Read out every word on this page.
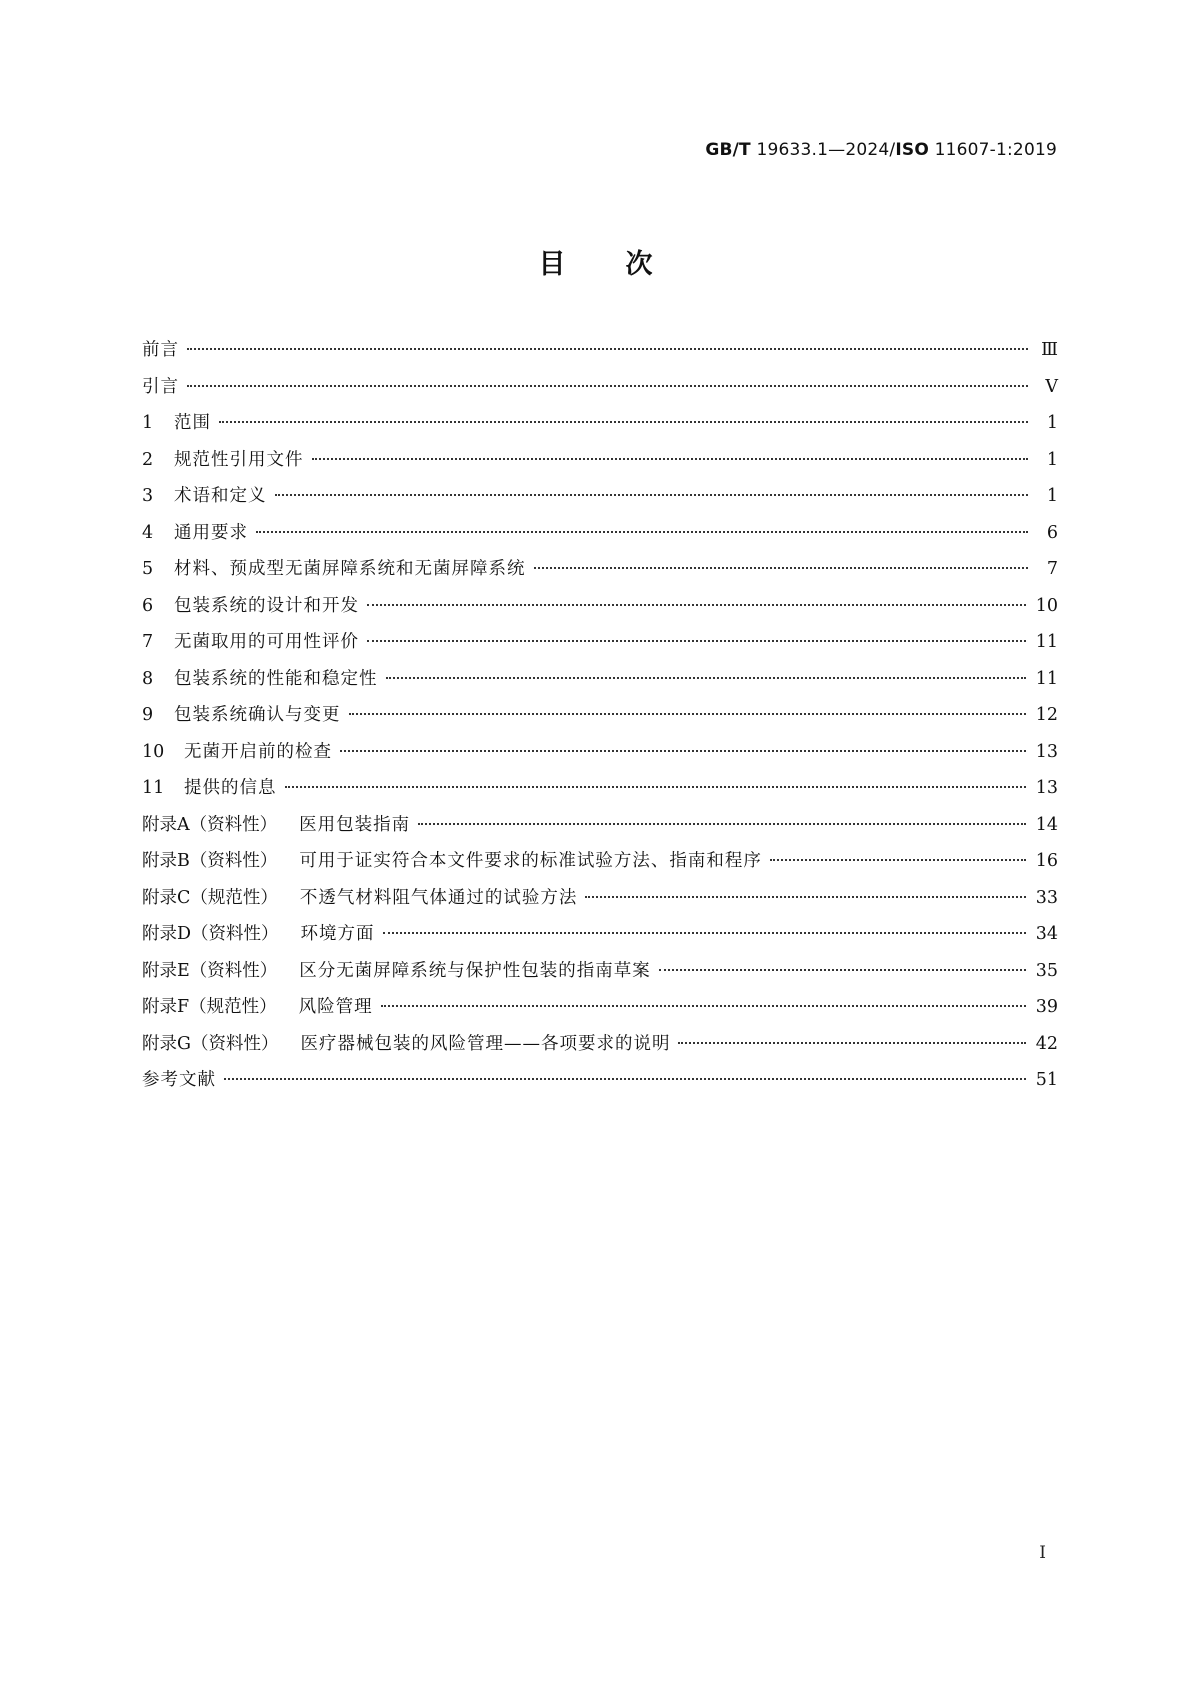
GB/T 19633.1—2024/ISO 11607-1:2019
目次
前言	Ⅲ
引言	Ⅴ
1	范围	1
2	规范性引用文件	1
3	术语和定义	1
4	通用要求	6
5	材料、预成型无菌屏障系统和无菌屏障系统	7
6	包装系统的设计和开发	10
7	无菌取用的可用性评价	11
8	包装系统的性能和稳定性	11
9	包装系统确认与变更	12
10	无菌开启前的检查	13
11	提供的信息	13
附录A（资料性） 医用包装指南	14
附录B（资料性） 可用于证实符合本文件要求的标准试验方法、指南和程序	16
附录C（规范性） 不透气材料阻气体通过的试验方法	33
附录D（资料性） 环境方面	34
附录E（资料性） 区分无菌屏障系统与保护性包装的指南草案	35
附录F（规范性） 风险管理	39
附录G（资料性） 医疗器械包装的风险管理——各项要求的说明	42
参考文献	51
I
